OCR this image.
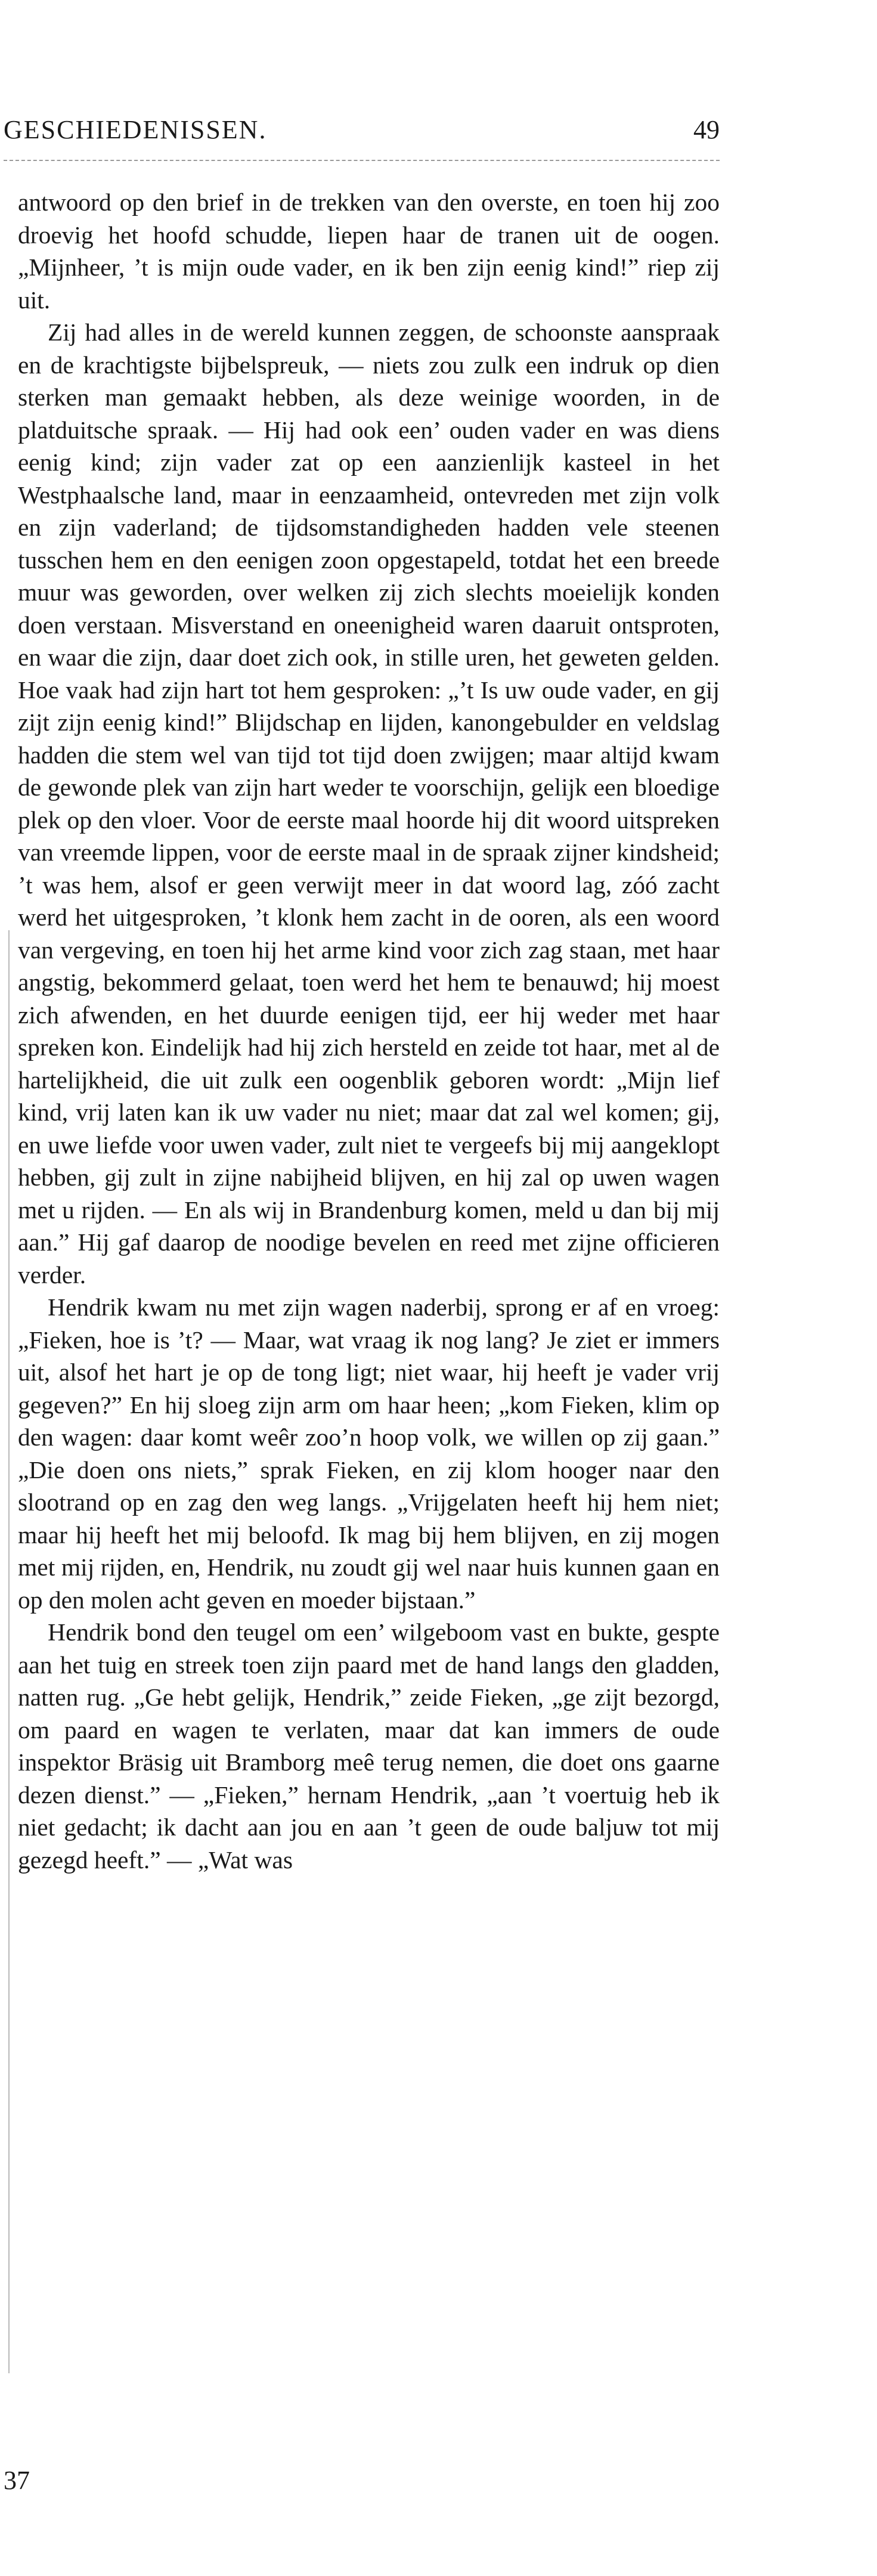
GESCHIEDENISSEN.	49

antwoord op den brief in de trekken van den overste, en toen hij zoo droevig het hoofd schudde, liepen haar de tranen uit de oogen. „Mijnheer, ’t is mijn oude vader, en ik ben zijn eenig kind!” riep zij uit.

Zij had alles in de wereld kunnen zeggen, de schoonste aanspraak en de krachtigste bijbelspreuk, — niets zou zulk een indruk op dien sterken man gemaakt hebben, als deze weinige woorden, in de platduitsche spraak. — Hij had ook een’ ouden vader en was diens eenig kind; zijn vader zat op een aanzienlijk kasteel in het Westphaalsche land, maar in eenzaamheid, ontevreden met zijn volk en zijn vaderland; de tijdsomstandigheden hadden vele steenen tusschen hem en den eenigen zoon opgestapeld, totdat het een breede muur was geworden, over welken zij zich slechts moeielijk konden doen verstaan. Misverstand en oneenigheid waren daaruit ontsproten, en waar die zijn, daar doet zich ook, in stille uren, het geweten gelden. Hoe vaak had zijn hart tot hem gesproken: „’t Is uw oude vader, en gij zijt zijn eenig kind!” Blijdschap en lijden, kanongebulder en veldslag hadden die stem wel van tijd tot tijd doen zwijgen; maar altijd kwam de gewonde plek van zijn hart weder te voorschijn, gelijk een bloedige plek op den vloer. Voor de eerste maal hoorde hij dit woord uitspreken van vreemde lippen, voor de eerste maal in de spraak zijner kindsheid; ’t was hem, alsof er geen verwijt meer in dat woord lag, zóó zacht werd het uitgesproken, ’t klonk hem zacht in de ooren, als een woord van vergeving, en toen hij het arme kind voor zich zag staan, met haar angstig, bekommerd gelaat, toen werd het hem te benauwd; hij moest zich afwenden, en het duurde eenigen tijd, eer hij weder met haar spreken kon. Eindelijk had hij zich hersteld en zeide tot haar, met al de hartelijkheid, die uit zulk een oogenblik geboren wordt: „Mijn lief kind, vrij laten kan ik uw vader nu niet; maar dat zal wel komen; gij, en uwe liefde voor uwen vader, zult niet te vergeefs bij mij aangeklopt hebben, gij zult in zijne nabijheid blijven, en hij zal op uwen wagen met u rijden. — En als wij in Brandenburg komen, meld u dan bij mij aan.” Hij gaf daarop de noodige bevelen en reed met zijne officieren verder.

Hendrik kwam nu met zijn wagen naderbij, sprong er af en vroeg: „Fieken, hoe is ’t? — Maar, wat vraag ik nog lang? Je ziet er immers uit, alsof het hart je op de tong ligt; niet waar, hij heeft je vader vrij gegeven?” En hij sloeg zijn arm om haar heen; „kom Fieken, klim op den wagen: daar komt weêr zoo’n hoop volk, we willen op zij gaan.” „Die doen ons niets,” sprak Fieken, en zij klom hooger naar den slootrand op en zag den weg langs. „Vrijgelaten heeft hij hem niet; maar hij heeft het mij beloofd. Ik mag bij hem blijven, en zij mogen met mij rijden, en, Hendrik, nu zoudt gij wel naar huis kunnen gaan en op den molen acht geven en moeder bijstaan.”

Hendrik bond den teugel om een’ wilgeboom vast en bukte, gespte aan het tuig en streek toen zijn paard met de hand langs den gladden, natten rug. „Ge hebt gelijk, Hendrik,” zeide Fieken, „ge zijt bezorgd, om paard en wagen te verlaten, maar dat kan immers de oude inspektor Bräsig uit Bramborg meê terug nemen, die doet ons gaarne dezen dienst.” — „Fieken,” hernam Hendrik, „aan ’t voertuig heb ik niet gedacht; ik dacht aan jou en aan ’t geen de oude baljuw tot mij gezegd heeft.” — „Wat was

37
